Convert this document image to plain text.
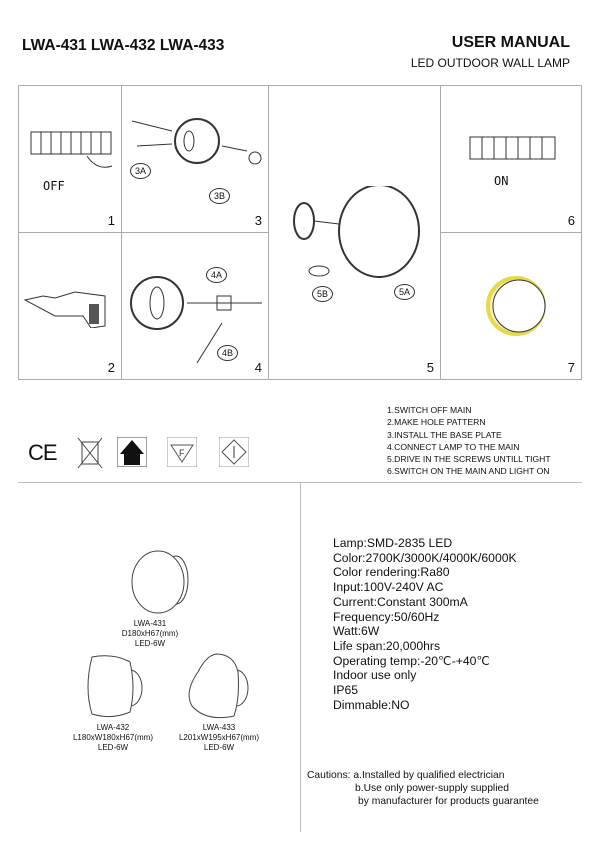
LWA-431 LWA-432 LWA-433	USER MANUAL
LED OUTDOOR WALL LAMP
OFF
1
2
3A
3B
3
4A
4B
4
5B	5A
5
ON
6
7
CE	F
1.SWITCH OFF MAIN
2.MAKE HOLE PATTERN
3.INSTALL THE BASE PLATE
4.CONNECT LAMP TO THE MAIN
5.DRIVE IN THE SCREWS UNTILL TIGHT
6.SWITCH ON THE MAIN AND LIGHT ON
LWA-431
D180xH67(mm)
LED-6W
LWA-432
L180xW180xH67(mm)
LED-6W
LWA-433
L201xW195xH67(mm)
LED-6W
Lamp:SMD-2835 LED
Color:2700K/3000K/4000K/6000K
Color rendering:Ra80
Input:100V-240V AC
Current:Constant 300mA
Frequency:50/60Hz
Watt:6W
Life span:20,000hrs
Operating temp:-20℃-+40℃
Indoor use only
IP65
Dimmable:NO
Cautions: a.Installed by qualified electrician
b.Use only power-supply supplied
by manufacturer for products guarantee
